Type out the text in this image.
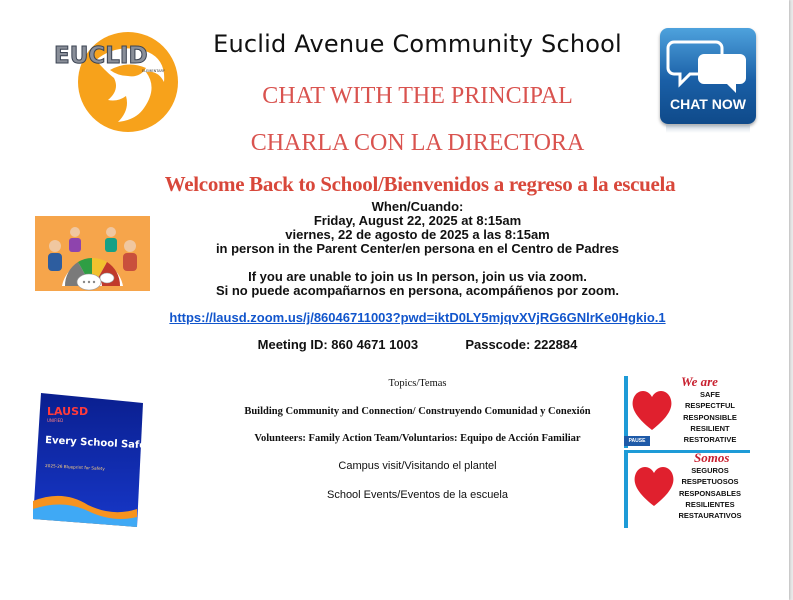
EUCLID
ELEMENTARY
Euclid Avenue Community School
CHAT WITH THE PRINCIPAL
CHARLA CON LA DIRECTORA
Welcome Back to School/Bienvenidos a regreso a la escuela
CHAT NOW
When/Cuando:
Friday, August 22, 2025 at 8:15am
viernes, 22 de agosto de 2025 a las 8:15am
in person in the Parent Center/en persona en el Centro de Padres
If you are unable to join us In person, join us via zoom.
Si no puede acompañarnos en persona, acompáñenos por zoom.
https://lausd.zoom.us/j/86046711003?pwd=iktD0LY5mjqvXVjRG6GNlrKe0Hgkio.1
Meeting ID: 860 4671 1003	Passcode: 222884
Topics/Temas
Building Community and Connection/ Construyendo Comunidad y Conexión
Volunteers: Family Action Team/Voluntarios: Equipo de Acción Familiar
Campus visit/Visitando el plantel
School Events/Eventos de la escuela
LAUSD
UNIFIED
Every School Safe
2025-26 Blueprint for Safety
We are
SAFE
RESPECTFUL
RESPONSIBLE
RESILIENT
RESTORATIVE
PAUSE
Somos
SEGUROS
RESPETUOSOS
RESPONSABLES
RESILIENTES
RESTAURATIVOS
